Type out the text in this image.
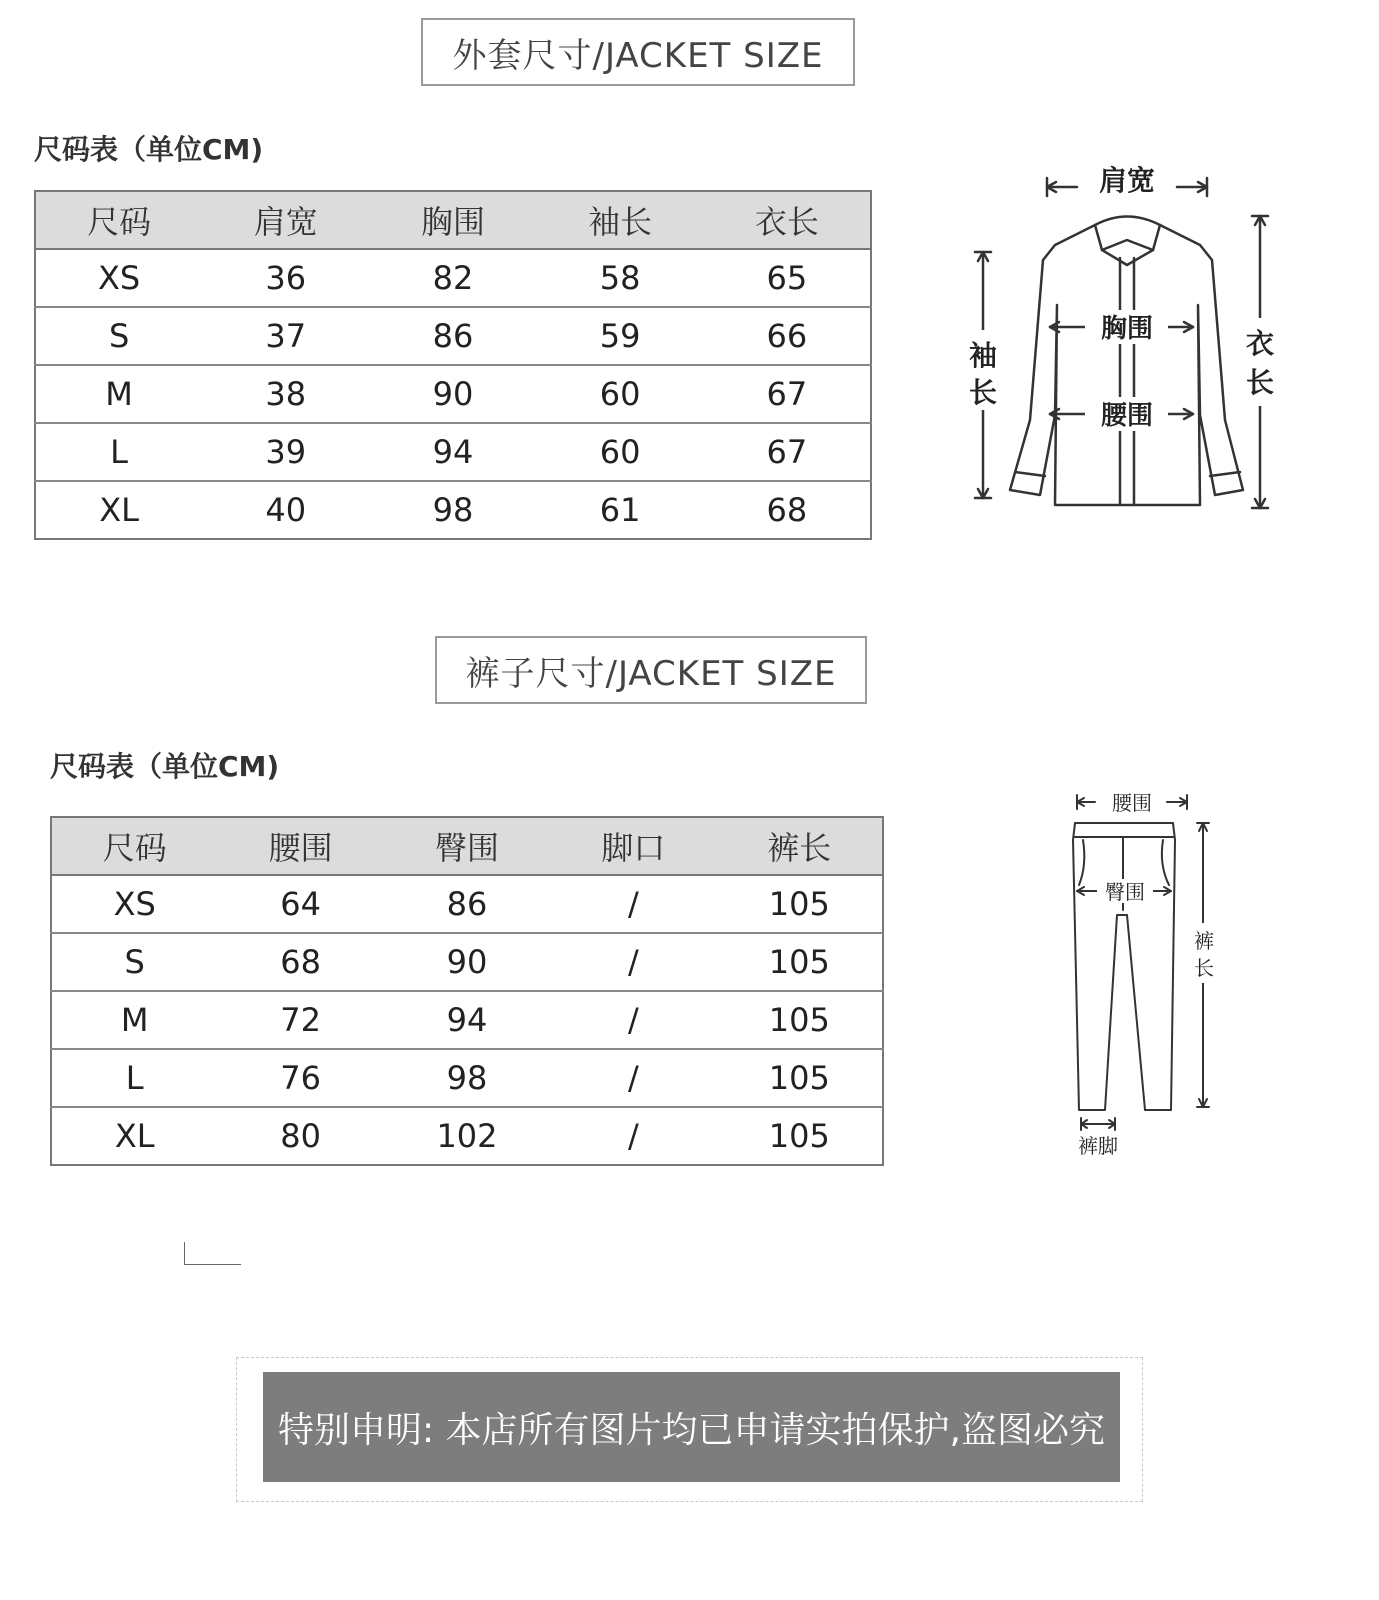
外套尺寸/JACKET SIZE
尺码表（单位CM)
尺码	肩宽	胸围	袖长	衣长
XS	36	82	58	65
S	37	86	59	66
M	38	90	60	67
L	39	94	60	67
XL	40	98	61	68
肩宽
胸围
腰围
袖
长
衣
长
裤子尺寸/JACKET SIZE
尺码表（单位CM)
尺码	腰围	臀围	脚口	裤长
XS	64	86	/	105
S	68	90	/	105
M	72	94	/	105
L	76	98	/	105
XL	80	102	/	105
腰围
臀围
裤
长
裤脚
特别申明: 本店所有图片均已申请实拍保护,盗图必究
